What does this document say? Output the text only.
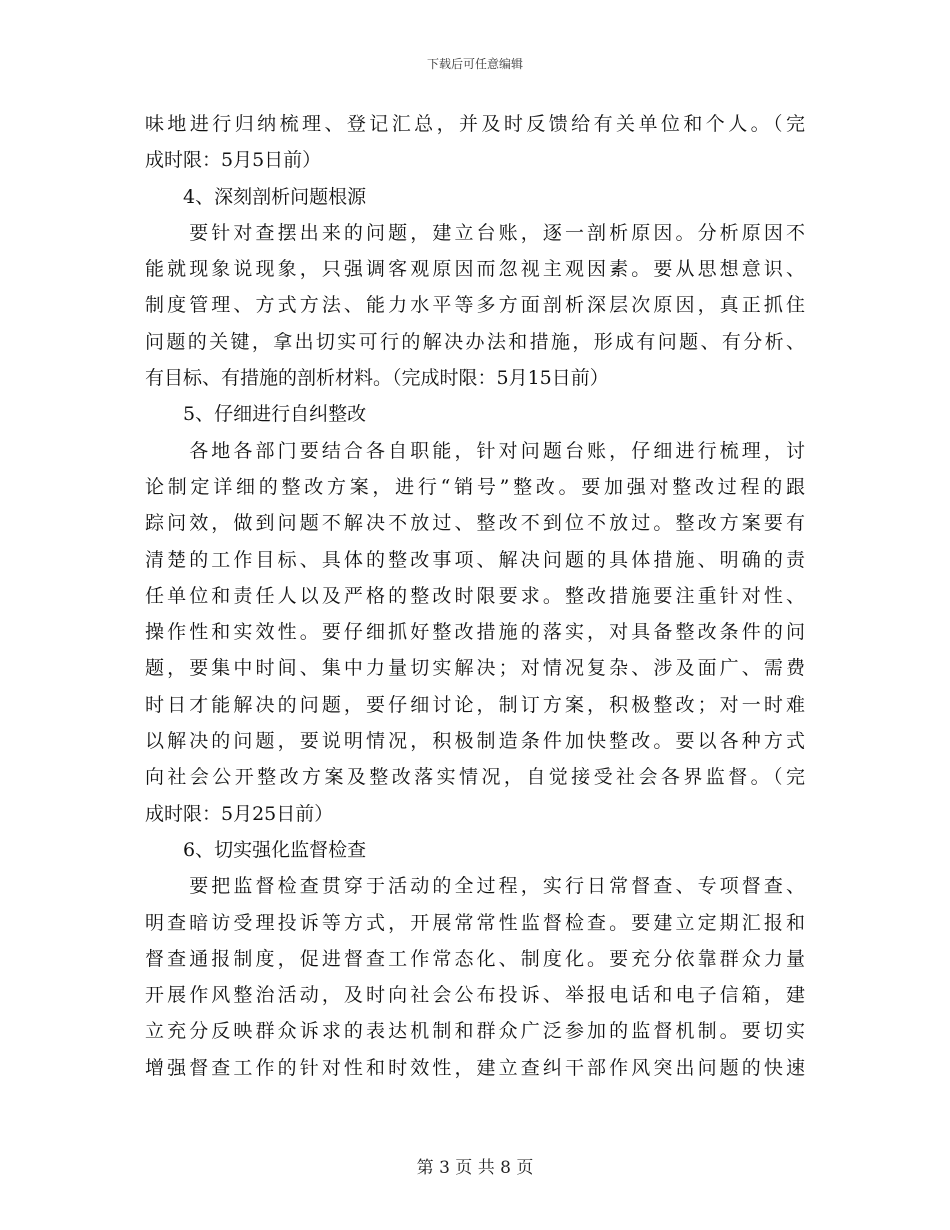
下载后可任意编辑
味地进行归纳梳理、登记汇总，并及时反馈给有关单位和个人。（完
成时限：5月5日前）
　　4、深刻剖析问题根源
　　要针对查摆出来的问题，建立台账，逐一剖析原因。分析原因不
能就现象说现象，只强调客观原因而忽视主观因素。要从思想意识、
制度管理、方式方法、能力水平等多方面剖析深层次原因，真正抓住
问题的关键，拿出切实可行的解决办法和措施，形成有问题、有分析、
有目标、有措施的剖析材料。（完成时限：5月15日前）
　　5、仔细进行自纠整改
　　各地各部门要结合各自职能，针对问题台账，仔细进行梳理，讨
论制定详细的整改方案，进行“销号”整改。要加强对整改过程的跟
踪问效，做到问题不解决不放过、整改不到位不放过。整改方案要有
清楚的工作目标、具体的整改事项、解决问题的具体措施、明确的责
任单位和责任人以及严格的整改时限要求。整改措施要注重针对性、
操作性和实效性。要仔细抓好整改措施的落实，对具备整改条件的问
题，要集中时间、集中力量切实解决；对情况复杂、涉及面广、需费
时日才能解决的问题，要仔细讨论，制订方案，积极整改；对一时难
以解决的问题，要说明情况，积极制造条件加快整改。要以各种方式
向社会公开整改方案及整改落实情况，自觉接受社会各界监督。（完
成时限：5月25日前）
　　6、切实强化监督检查
　　要把监督检查贯穿于活动的全过程，实行日常督查、专项督查、
明查暗访受理投诉等方式，开展常常性监督检查。要建立定期汇报和
督查通报制度，促进督查工作常态化、制度化。要充分依靠群众力量
开展作风整治活动，及时向社会公布投诉、举报电话和电子信箱，建
立充分反映群众诉求的表达机制和群众广泛参加的监督机制。要切实
增强督查工作的针对性和时效性，建立查纠干部作风突出问题的快速
第 3 页 共 8 页
